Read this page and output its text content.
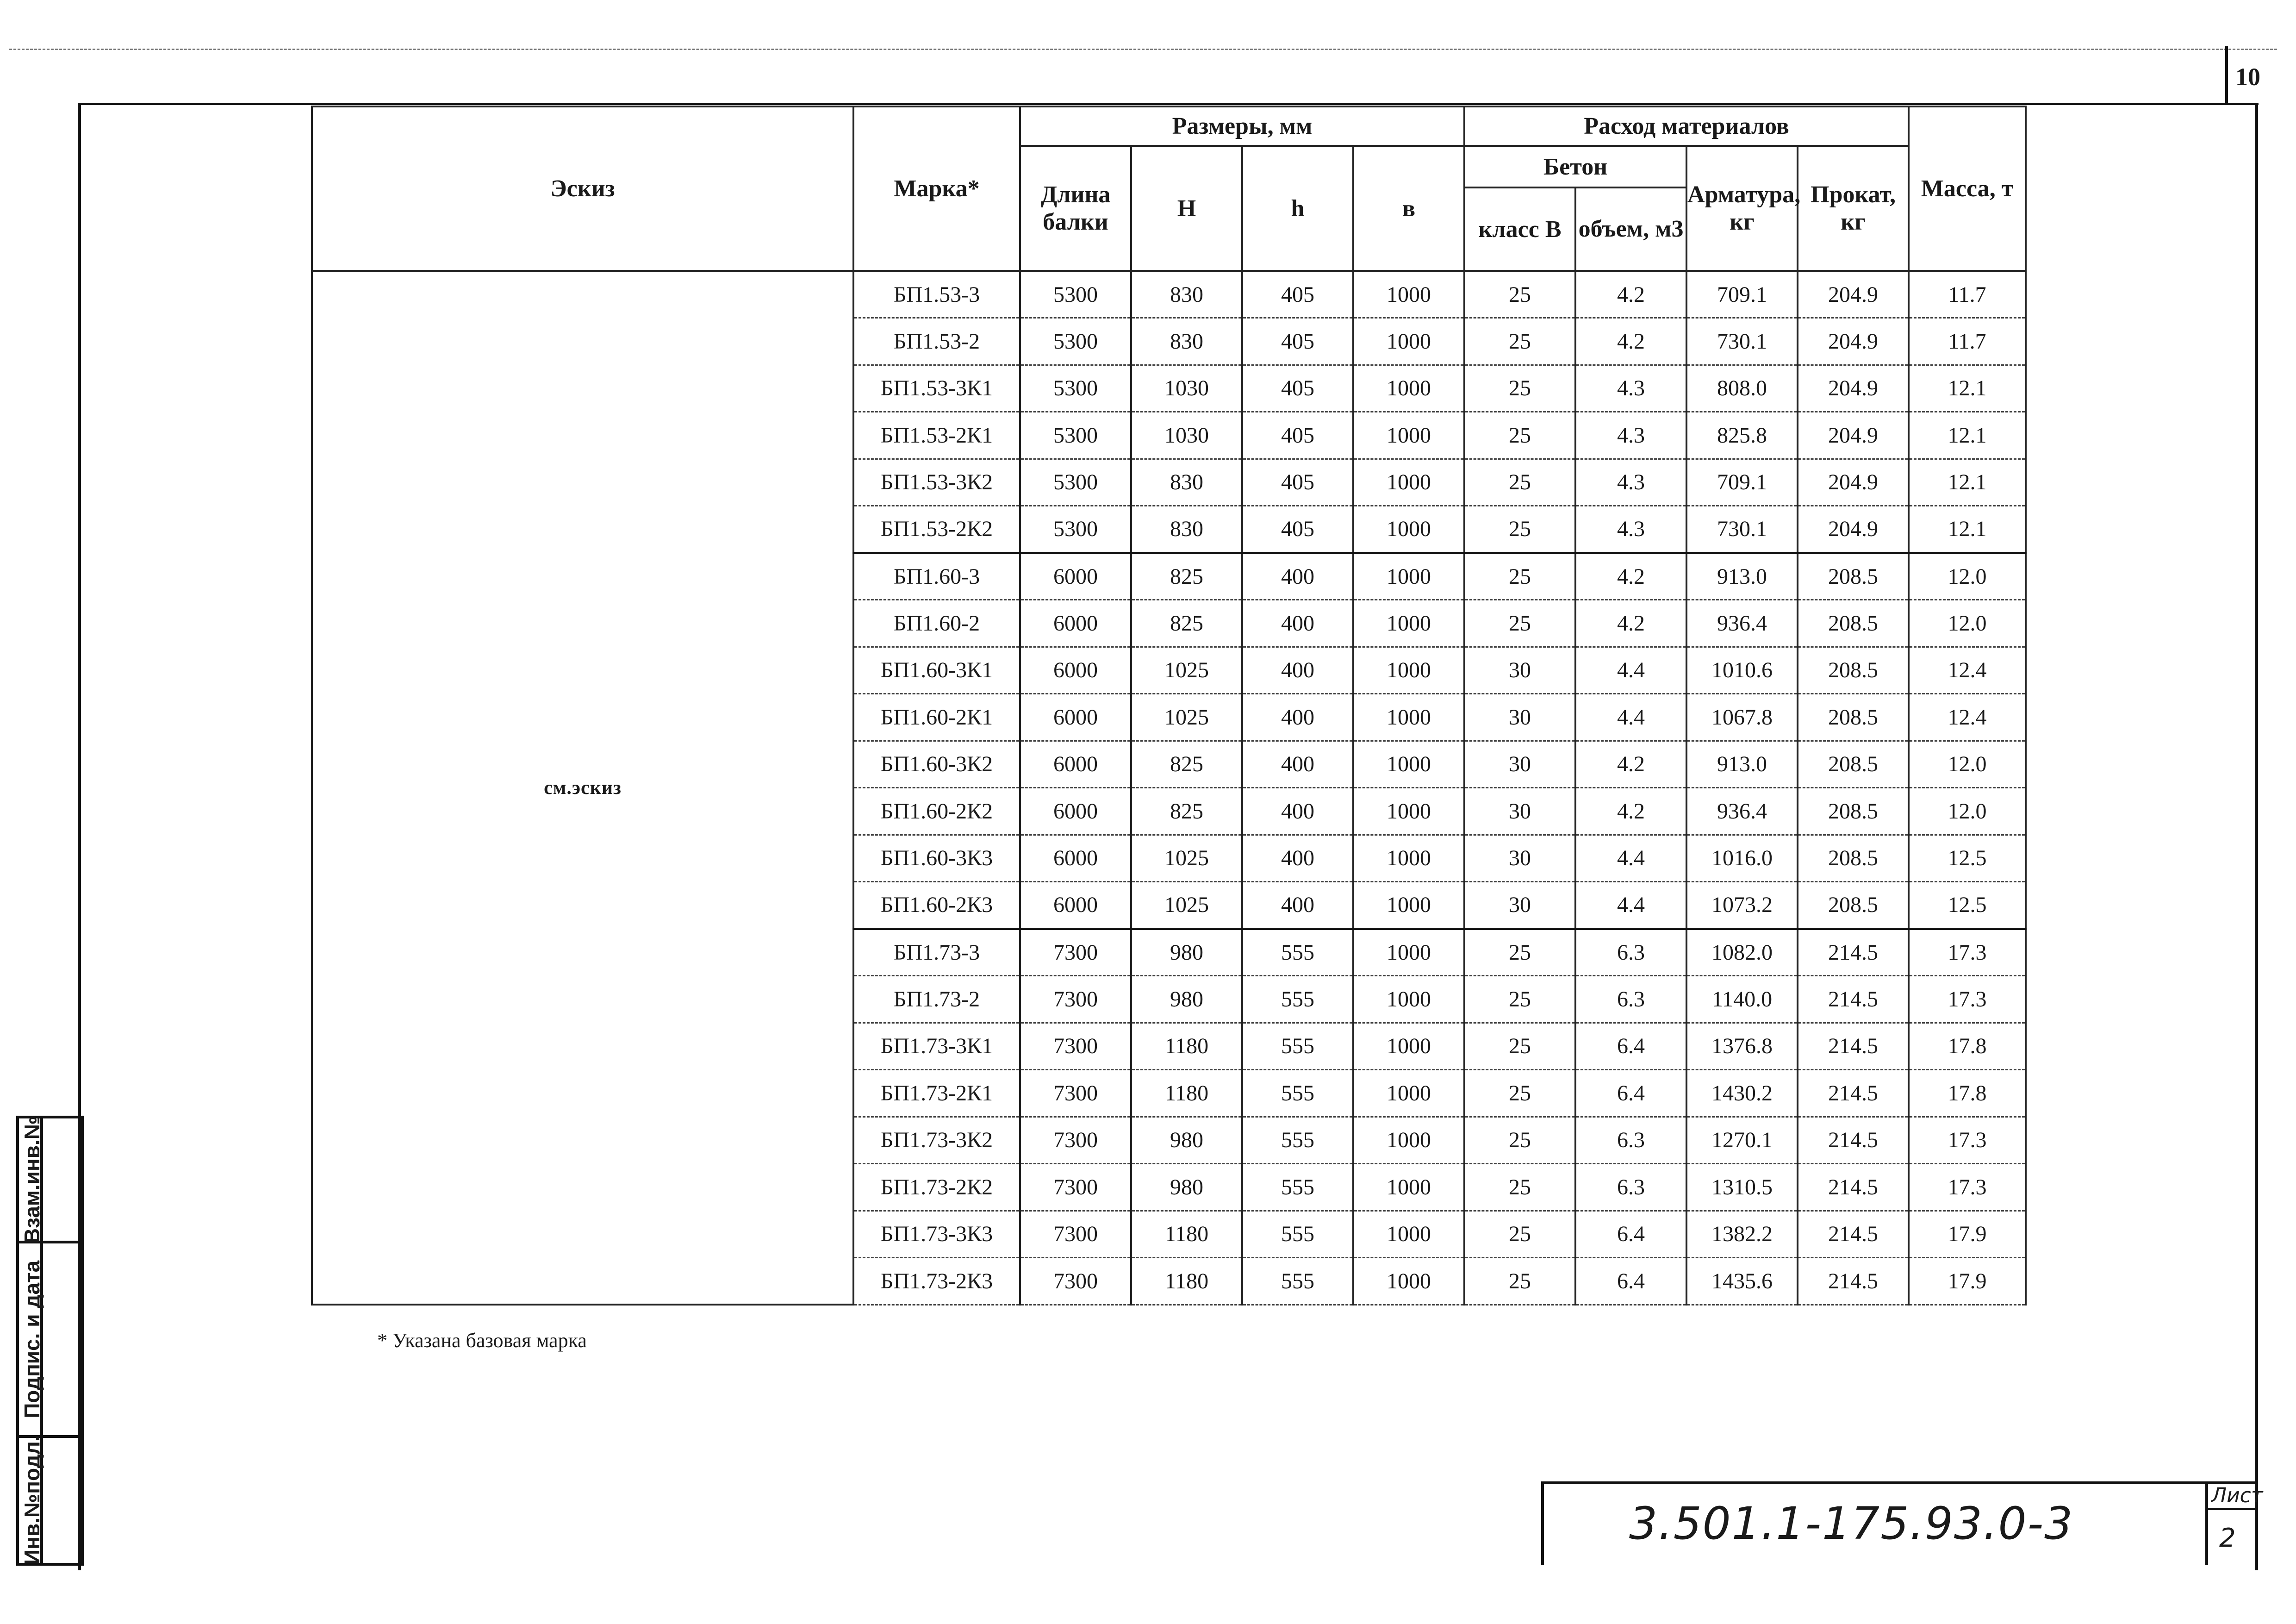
10
Инв.№подл.
Подпис. и дата
Взам.инв.№
Эскиз	Марка*	Размеры, мм				Расход материалов				Масса, т
		Длина балки	H	h	в	Бетон		Арматура, кг	Прокат, кг	
						класс В	объем, м3			
см.эскиз	БП1.53-3	5300	830	405	1000	25	4.2	709.1	204.9	11.7
	БП1.53-2	5300	830	405	1000	25	4.2	730.1	204.9	11.7
	БП1.53-3К1	5300	1030	405	1000	25	4.3	808.0	204.9	12.1
	БП1.53-2К1	5300	1030	405	1000	25	4.3	825.8	204.9	12.1
	БП1.53-3К2	5300	830	405	1000	25	4.3	709.1	204.9	12.1
	БП1.53-2К2	5300	830	405	1000	25	4.3	730.1	204.9	12.1
	БП1.60-3	6000	825	400	1000	25	4.2	913.0	208.5	12.0
	БП1.60-2	6000	825	400	1000	25	4.2	936.4	208.5	12.0
	БП1.60-3К1	6000	1025	400	1000	30	4.4	1010.6	208.5	12.4
	БП1.60-2К1	6000	1025	400	1000	30	4.4	1067.8	208.5	12.4
	БП1.60-3К2	6000	825	400	1000	30	4.2	913.0	208.5	12.0
	БП1.60-2К2	6000	825	400	1000	30	4.2	936.4	208.5	12.0
	БП1.60-3К3	6000	1025	400	1000	30	4.4	1016.0	208.5	12.5
	БП1.60-2К3	6000	1025	400	1000	30	4.4	1073.2	208.5	12.5
	БП1.73-3	7300	980	555	1000	25	6.3	1082.0	214.5	17.3
	БП1.73-2	7300	980	555	1000	25	6.3	1140.0	214.5	17.3
	БП1.73-3К1	7300	1180	555	1000	25	6.4	1376.8	214.5	17.8
	БП1.73-2К1	7300	1180	555	1000	25	6.4	1430.2	214.5	17.8
	БП1.73-3К2	7300	980	555	1000	25	6.3	1270.1	214.5	17.3
	БП1.73-2К2	7300	980	555	1000	25	6.3	1310.5	214.5	17.3
	БП1.73-3К3	7300	1180	555	1000	25	6.4	1382.2	214.5	17.9
	БП1.73-2К3	7300	1180	555	1000	25	6.4	1435.6	214.5	17.9
* Указана базовая марка
3.501.1-175.93.0-3
Лист
2
